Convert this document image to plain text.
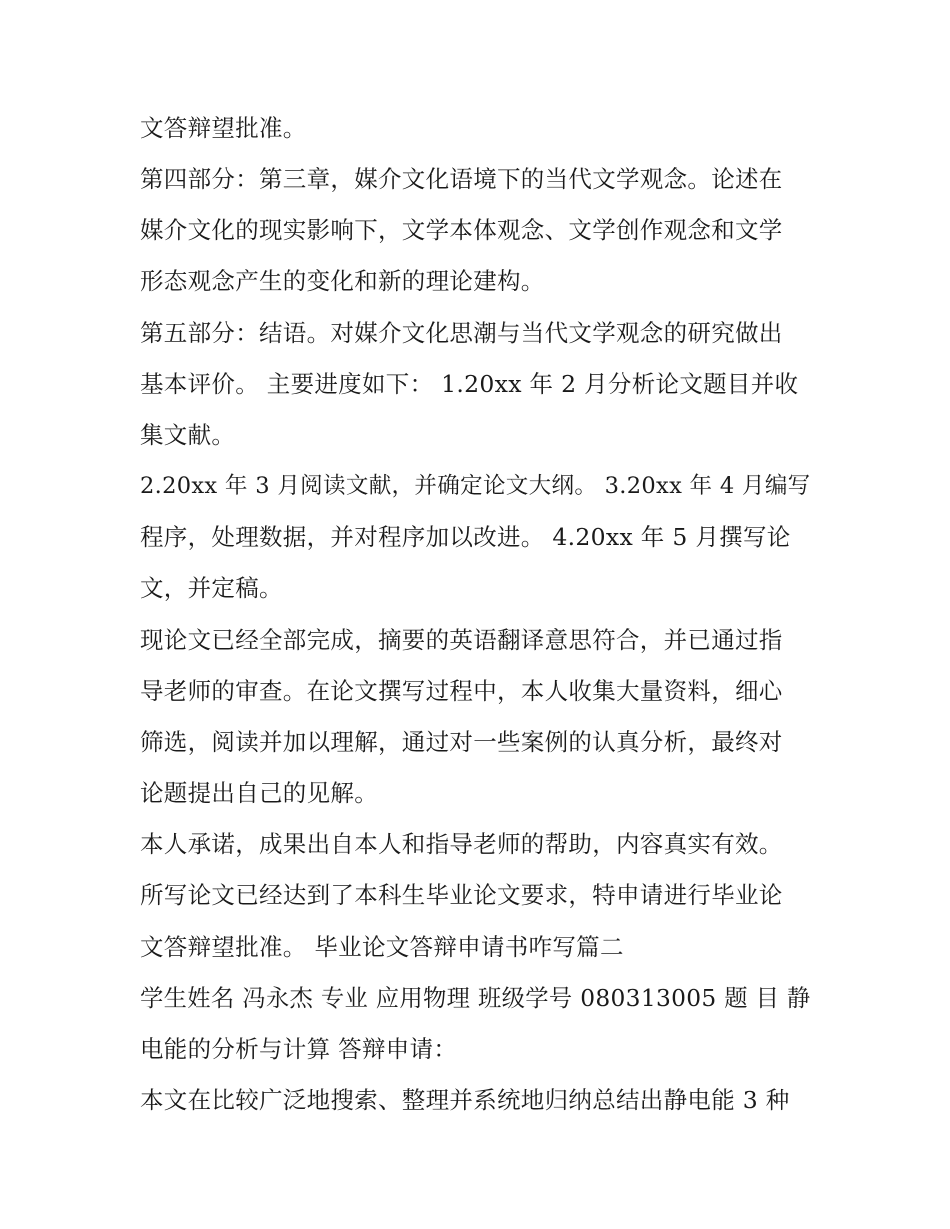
文答辩望批准。
第四部分：第三章，媒介文化语境下的当代文学观念。论述在
媒介文化的现实影响下，文学本体观念、文学创作观念和文学
形态观念产生的变化和新的理论建构。
第五部分：结语。对媒介文化思潮与当代文学观念的研究做出
基本评价。 主要进度如下： 1.20xx 年 2 月分析论文题目并收
集文献。
2.20xx 年 3 月阅读文献，并确定论文大纲。 3.20xx 年 4 月编写
程序，处理数据，并对程序加以改进。 4.20xx 年 5 月撰写论
文，并定稿。
现论文已经全部完成，摘要的英语翻译意思符合，并已通过指
导老师的审查。在论文撰写过程中，本人收集大量资料，细心
筛选，阅读并加以理解，通过对一些案例的认真分析，最终对
论题提出自己的见解。
本人承诺，成果出自本人和指导老师的帮助，内容真实有效。
所写论文已经达到了本科生毕业论文要求，特申请进行毕业论
文答辩望批准。 毕业论文答辩申请书咋写篇二
学生姓名 冯永杰 专业 应用物理 班级学号 080313005 题 目 静
电能的分析与计算 答辩申请：
本文在比较广泛地搜索、整理并系统地归纳总结出静电能 3 种
